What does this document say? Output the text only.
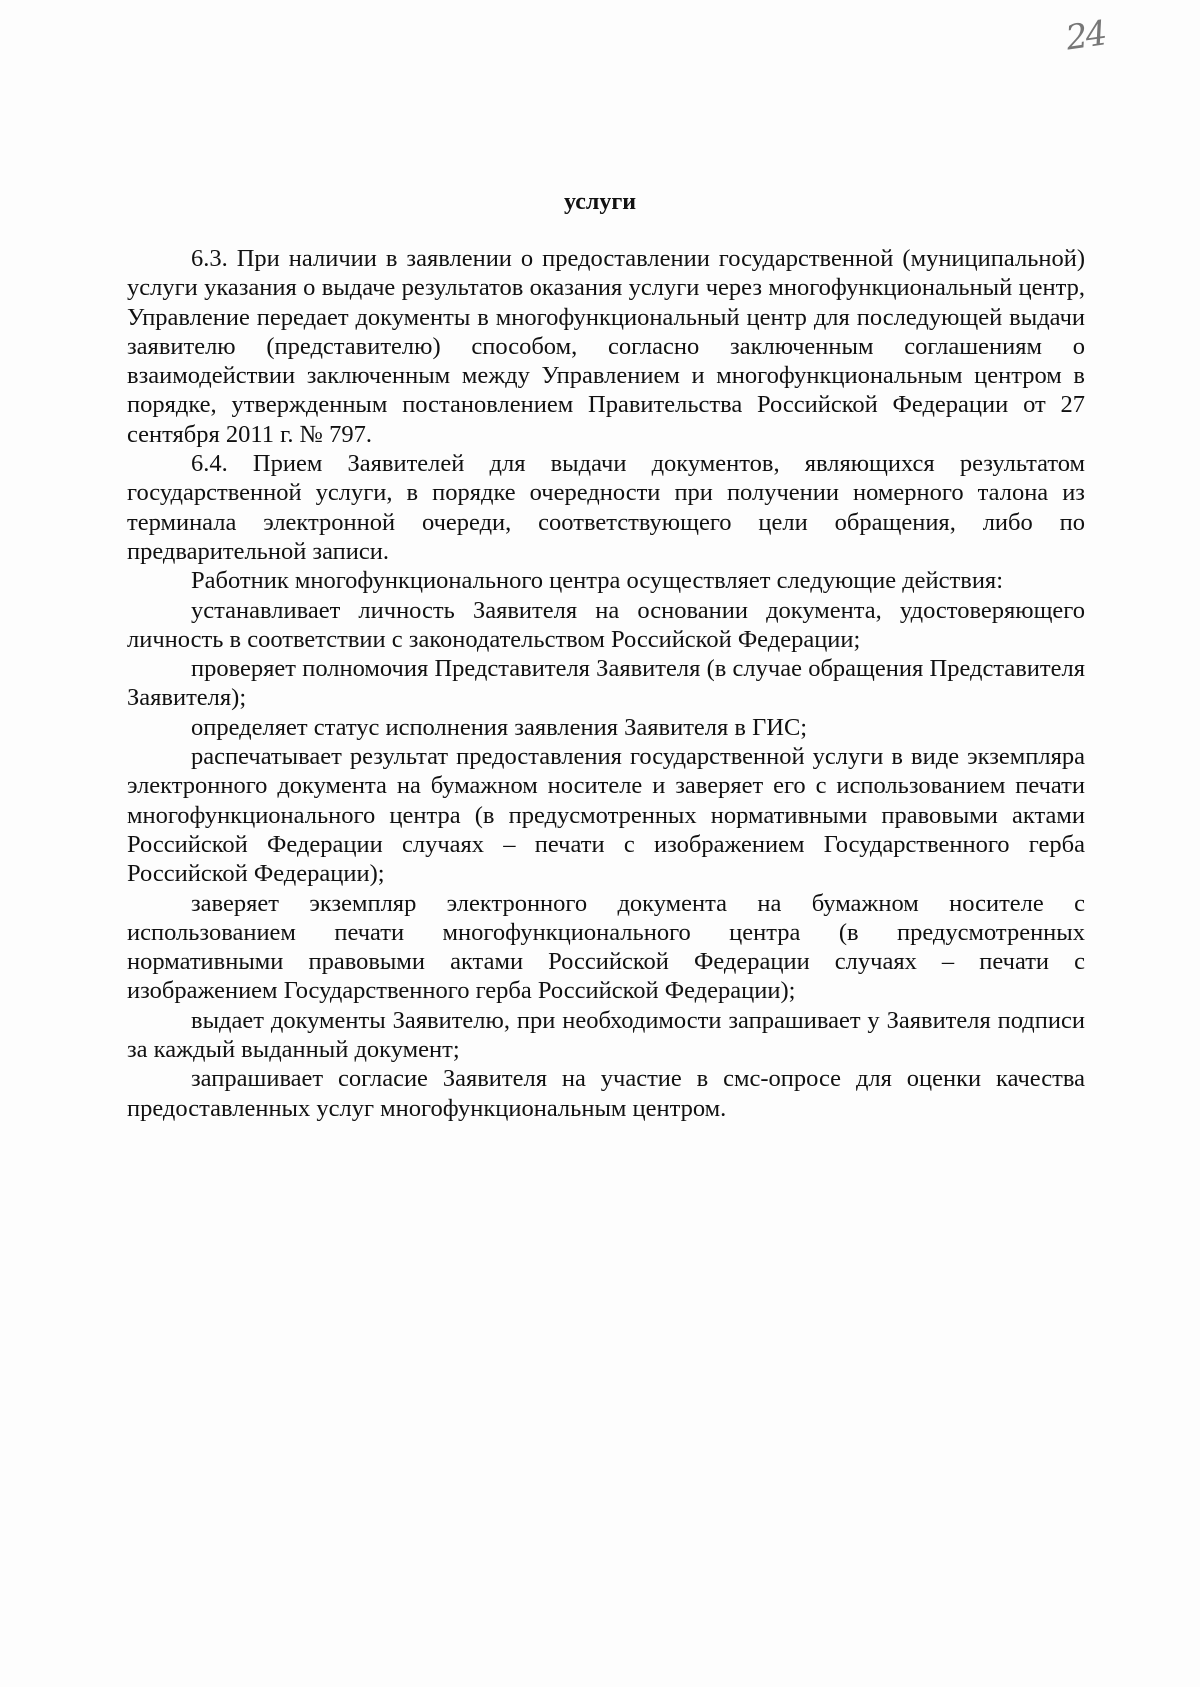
24
услуги

6.3. При наличии в заявлении о предоставлении государственной (муниципальной) услуги указания о выдаче результатов оказания услуги через многофункциональный центр, Управление передает документы в многофункциональный центр для последующей выдачи заявителю (представителю) способом, согласно заключенным соглашениям о взаимодействии заключенным между Управлением и многофункциональным центром в порядке, утвержденным постановлением Правительства Российской Федерации от 27 сентября 2011 г. № 797.

6.4. Прием Заявителей для выдачи документов, являющихся результатом государственной услуги, в порядке очередности при получении номерного талона из терминала электронной очереди, соответствующего цели обращения, либо по предварительной записи.

Работник многофункционального центра осуществляет следующие действия:

устанавливает личность Заявителя на основании документа, удостоверяющего личность в соответствии с законодательством Российской Федерации;

проверяет полномочия Представителя Заявителя (в случае обращения Представителя Заявителя);

определяет статус исполнения заявления Заявителя в ГИС;

распечатывает результат предоставления государственной услуги в виде экземпляра электронного документа на бумажном носителе и заверяет его с использованием печати многофункционального центра (в предусмотренных нормативными правовыми актами Российской Федерации случаях – печати с изображением Государственного герба Российской Федерации);

заверяет экземпляр электронного документа на бумажном носителе с использованием печати многофункционального центра (в предусмотренных нормативными правовыми актами Российской Федерации случаях – печати с изображением Государственного герба Российской Федерации);

выдает документы Заявителю, при необходимости запрашивает у Заявителя подписи за каждый выданный документ;

запрашивает согласие Заявителя на участие в смс-опросе для оценки качества предоставленных услуг многофункциональным центром.
